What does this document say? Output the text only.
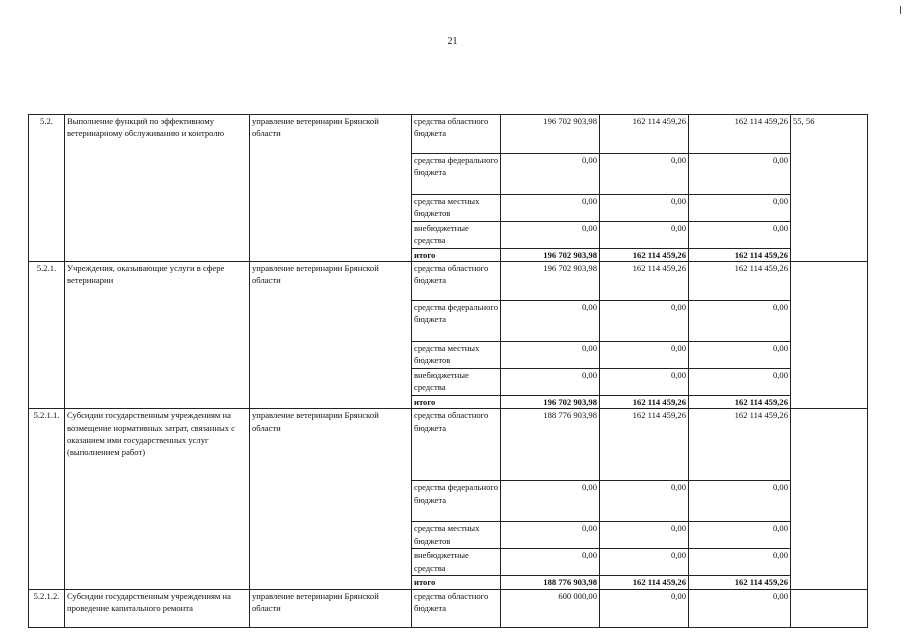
21
5.2.	Выполнение функций по эффективному ветеринарному обслуживанию и контролю	управление ветеринарии Брянской области	средства областного бюджета	196 702 903,98	162 114 459,26	162 114 459,26	55, 56
			средства федерального бюджета	0,00	0,00	0,00	
			средства местных бюджетов	0,00	0,00	0,00	
			внебюджетные средства	0,00	0,00	0,00	
			итого	196 702 903,98	162 114 459,26	162 114 459,26	
5.2.1.	Учреждения, оказывающие услуги в сфере ветеринарии	управление ветеринарии Брянской области	средства областного бюджета	196 702 903,98	162 114 459,26	162 114 459,26	
			средства федерального бюджета	0,00	0,00	0,00	
			средства местных бюджетов	0,00	0,00	0,00	
			внебюджетные средства	0,00	0,00	0,00	
			итого	196 702 903,98	162 114 459,26	162 114 459,26	
5.2.1.1.	Субсидии государственным учреждениям на возмещение нормативных затрат, связанных с оказанием ими государственных услуг (выполнением работ)	управление ветеринарии Брянской области	средства областного бюджета	188 776 903,98	162 114 459,26	162 114 459,26	
			средства федерального бюджета	0,00	0,00	0,00	
			средства местных бюджетов	0,00	0,00	0,00	
			внебюджетные средства	0,00	0,00	0,00	
			итого	188 776 903,98	162 114 459,26	162 114 459,26	
5.2.1.2.	Субсидии государственным учреждениям на проведение капитального ремонта	управление ветеринарии Брянской области	средства областного бюджета	600 000,00	0,00	0,00	
